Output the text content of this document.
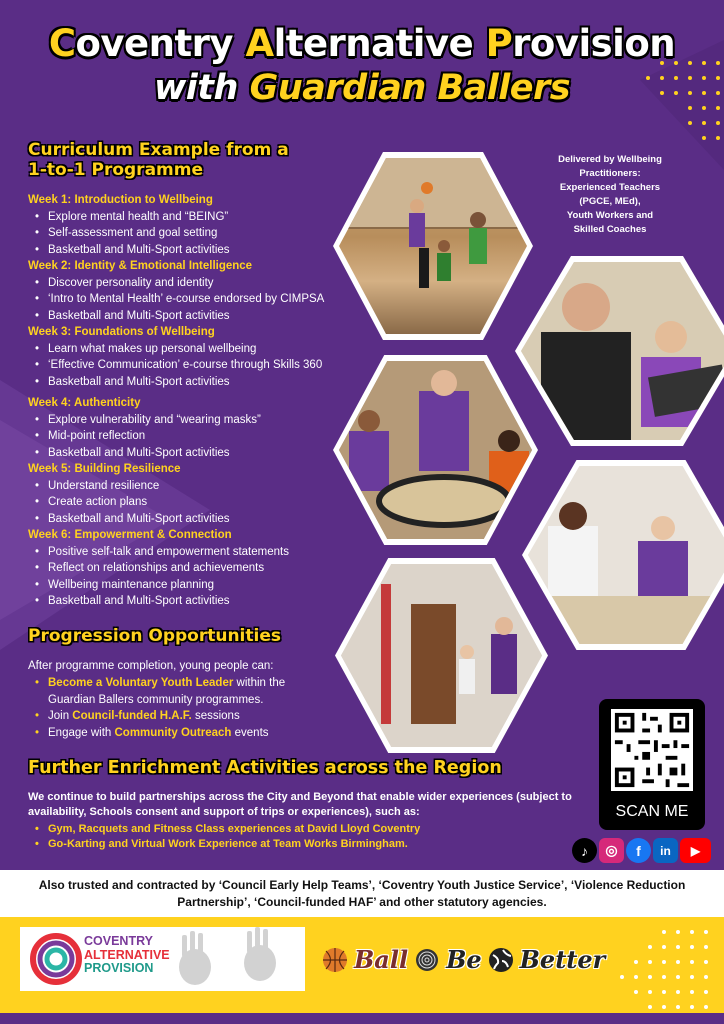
Coventry Alternative Provision
with Guardian Ballers
Curriculum Example from a
1-to-1 Programme
Week 1: Introduction to Wellbeing
• Explore mental health and “BEING”
• Self-assessment and goal setting
• Basketball and Multi-Sport activities
Week 2: Identity & Emotional Intelligence
• Discover personality and identity
• ‘Intro to Mental Health’ e-course endorsed by CIMPSA
• Basketball and Multi-Sport activities
Week 3: Foundations of Wellbeing
• Learn what makes up personal wellbeing
• ‘Effective Communication’ e-course through Skills 360
• Basketball and Multi-Sport activities
Week 4: Authenticity
• Explore vulnerability and “wearing masks”
• Mid-point reflection
• Basketball and Multi-Sport activities
Week 5: Building Resilience
• Understand resilience
• Create action plans
• Basketball and Multi-Sport activities
Week 6: Empowerment & Connection
• Positive self-talk and empowerment statements
• Reflect on relationships and achievements
• Wellbeing maintenance planning
• Basketball and Multi-Sport activities
Delivered by Wellbeing
Practitioners:
Experienced Teachers
(PGCE, MEd),
Youth Workers and
Skilled Coaches
Progression Opportunities
After programme completion, young people can:
• Become a Voluntary Youth Leader within the
Guardian Ballers community programmes.
• Join Council-funded H.A.F. sessions
• Engage with Community Outreach events
Further Enrichment Activities across the Region
We continue to build partnerships across the City and Beyond that enable wider experiences (subject to availability, Schools consent and support of trips or experiences), such as:
• Gym, Racquets and Fitness Class experiences at David Lloyd Coventry
• Go-Karting and Virtual Work Experience at Team Works Birmingham.
SCAN ME
♪	◎	f	in	▶
Also trusted and contracted by ‘Council Early Help Teams’, ‘Coventry Youth Justice Service’, ‘Violence Reduction Partnership’, ‘Council-funded HAF’ and other statutory agencies.
COVENTRY
ALTERNATIVE
PROVISION	Ball Be Better
